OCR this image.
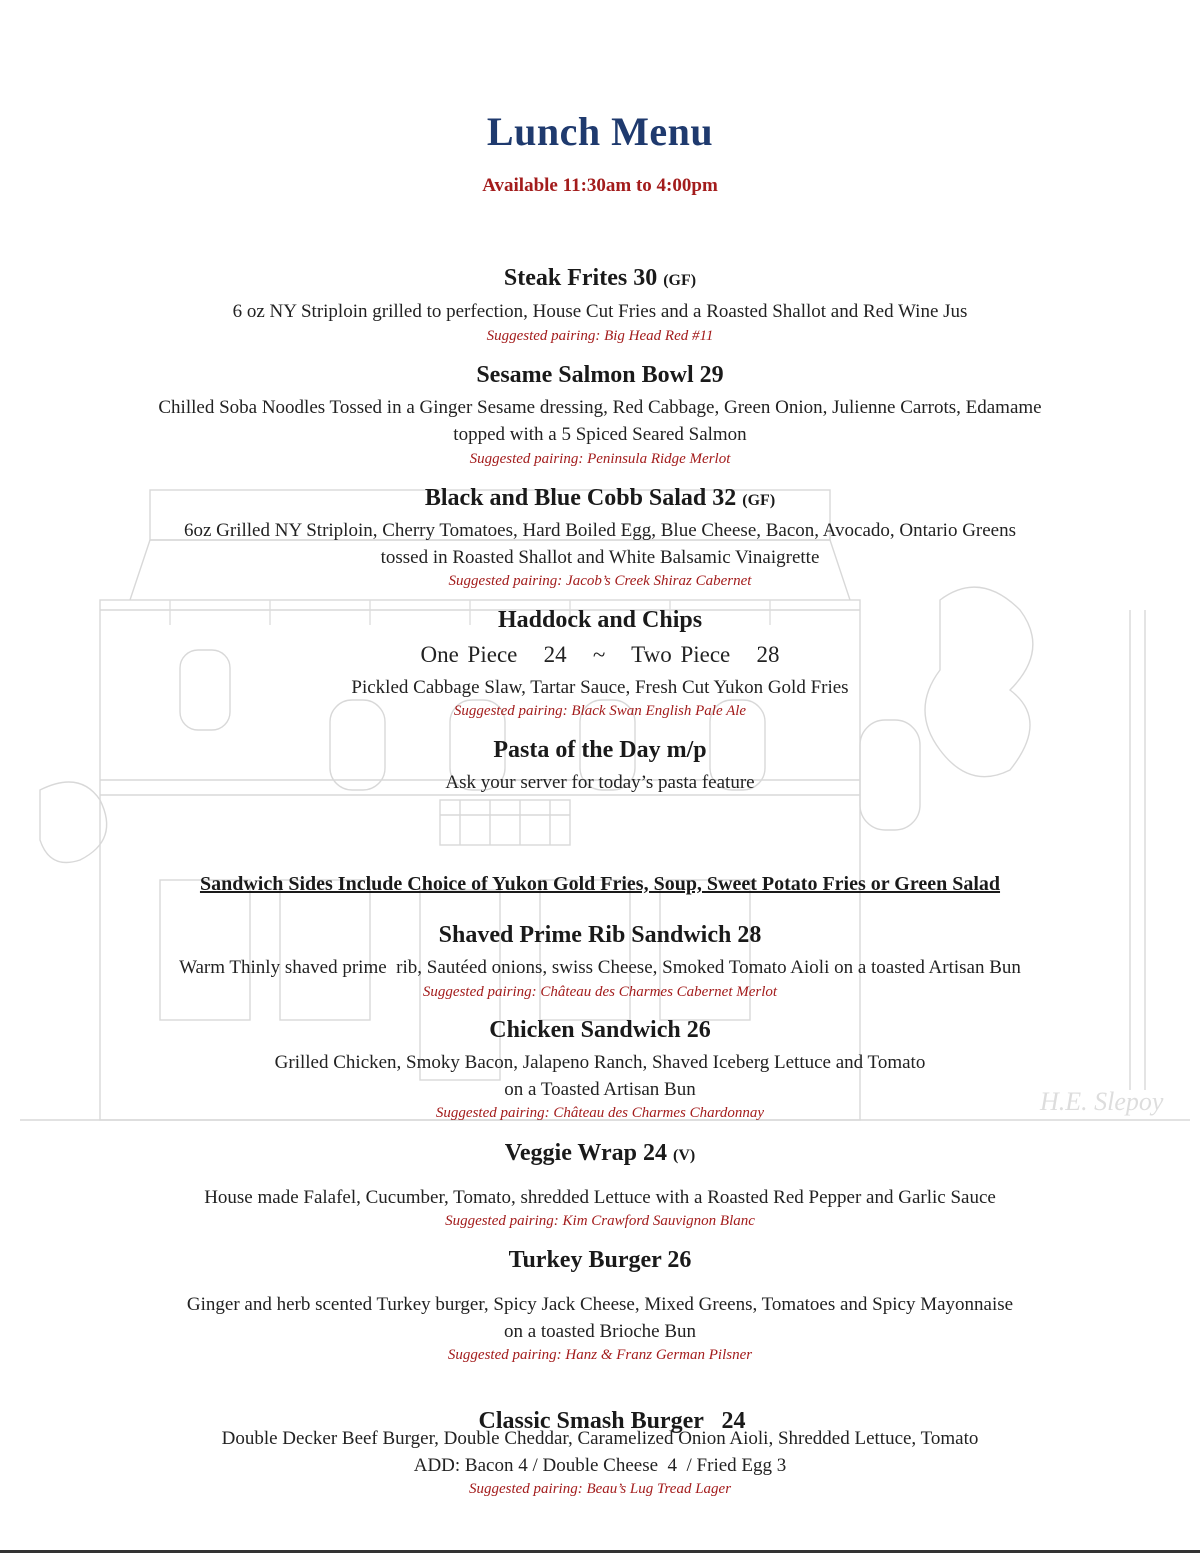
H.E. Slepoy
Lunch Menu
Available 11:30am to 4:00pm
Steak Frites 30 (GF)
6 oz NY Striploin grilled to perfection, House Cut Fries and a Roasted Shallot and Red Wine Jus
Suggested pairing: Big Head Red #11
Sesame Salmon Bowl 29
Chilled Soba Noodles Tossed in a Ginger Sesame dressing, Red Cabbage, Green Onion, Julienne Carrots, Edamame
topped with a 5 Spiced Seared Salmon
Suggested pairing: Peninsula Ridge Merlot
Black and Blue Cobb Salad 32 (GF)
6oz Grilled NY Striploin, Cherry Tomatoes, Hard Boiled Egg, Blue Cheese, Bacon, Avocado, Ontario Greens
tossed in Roasted Shallot and White Balsamic Vinaigrette
Suggested pairing: Jacob’s Creek Shiraz Cabernet
Haddock and Chips
One Piece   24   ~   Two Piece   28
Pickled Cabbage Slaw, Tartar Sauce, Fresh Cut Yukon Gold Fries
Suggested pairing: Black Swan English Pale Ale
Pasta of the Day m/p
Ask your server for today’s pasta feature
Sandwich Sides Include Choice of Yukon Gold Fries, Soup, Sweet Potato Fries or Green Salad
Shaved Prime Rib Sandwich 28
Warm Thinly shaved prime  rib, Sautéed onions, swiss Cheese, Smoked Tomato Aioli on a toasted Artisan Bun
Suggested pairing: Château des Charmes Cabernet Merlot
Chicken Sandwich 26
Grilled Chicken, Smoky Bacon, Jalapeno Ranch, Shaved Iceberg Lettuce and Tomato
on a Toasted Artisan Bun
Suggested pairing: Château des Charmes Chardonnay
Veggie Wrap 24 (V)
House made Falafel, Cucumber, Tomato, shredded Lettuce with a Roasted Red Pepper and Garlic Sauce
Suggested pairing: Kim Crawford Sauvignon Blanc
Turkey Burger 26
Ginger and herb scented Turkey burger, Spicy Jack Cheese, Mixed Greens, Tomatoes and Spicy Mayonnaise
on a toasted Brioche Bun
Suggested pairing: Hanz & Franz German Pilsner

Classic Smash Burger   24

Double Decker Beef Burger, Double Cheddar, Caramelized Onion Aioli, Shredded Lettuce, Tomato
ADD: Bacon 4 / Double Cheese  4  / Fried Egg 3
Suggested pairing: Beau’s Lug Tread Lager
